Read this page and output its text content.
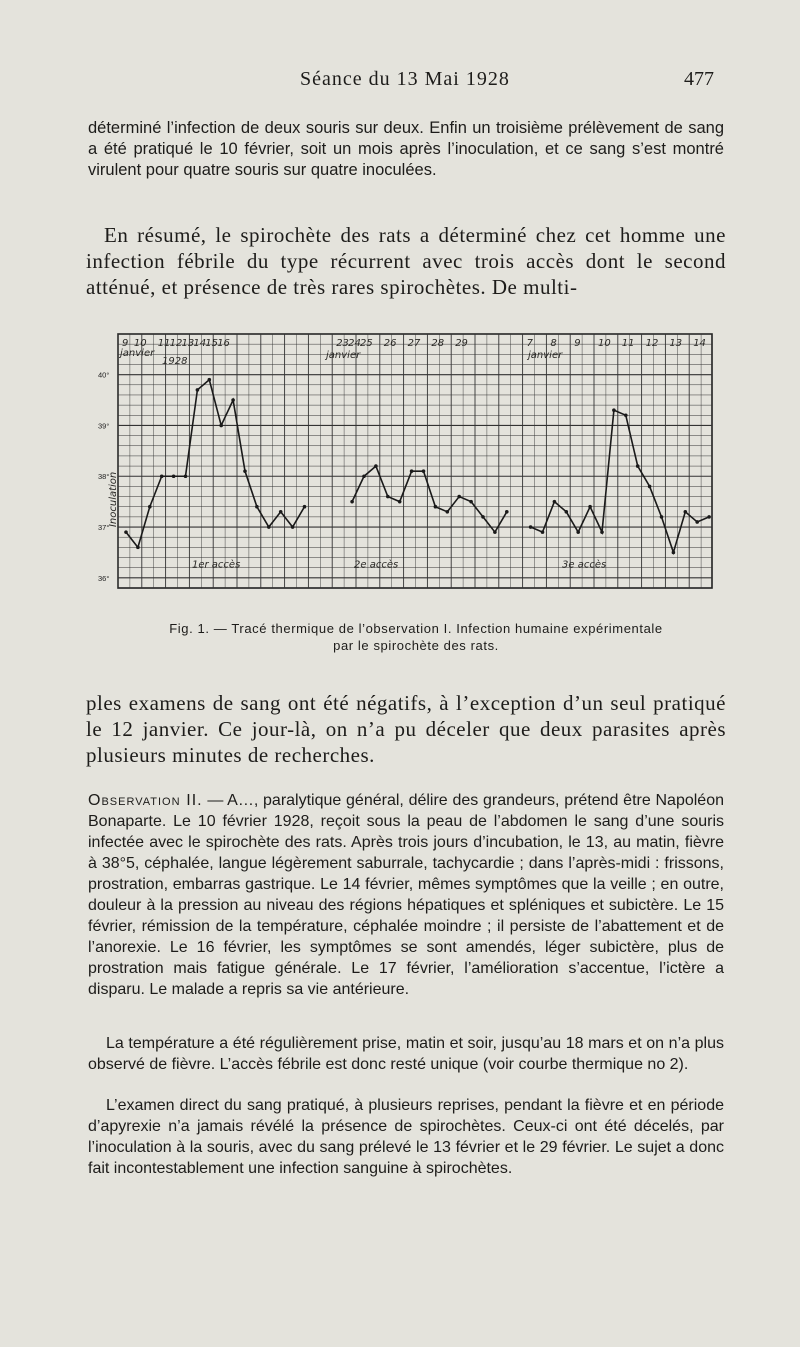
Séance du 13 Mai 1928	477

déterminé l’infection de deux souris sur deux. Enfin un troisième prélèvement de sang a été pratiqué le 10 février, soit un mois après l’inoculation, et ce sang s’est montré virulent pour quatre souris sur quatre inoculées.

En résumé, le spirochète des rats a déterminé chez cet homme une infection fébrile du type récurrent avec trois accès dont le second atténué, et présence de très rares spirochètes. De multi-

40°
39°
38°
37°
36°
9 10 11 12 13 14 15 16	23 24 25 26 27 28 29	7 8 9 10 11 12 13 14
janvier
1928
janvier	janvier
Inoculation
1er accès	2e accès	3e accès
Fig. 1. — Tracé thermique de l’observation I. Infection humaine expérimentale
par le spirochète des rats.

ples examens de sang ont été négatifs, à l’exception d’un seul pratiqué le 12 janvier. Ce jour-là, on n’a pu déceler que deux parasites après plusieurs minutes de recherches.

Observation II. — A…, paralytique général, délire des grandeurs, prétend être Napoléon Bonaparte. Le 10 février 1928, reçoit sous la peau de l’abdomen le sang d’une souris infectée avec le spirochète des rats. Après trois jours d’incubation, le 13, au matin, fièvre à 38°5, céphalée, langue légèrement saburrale, tachycardie ; dans l’après-midi : frissons, prostration, embarras gastrique. Le 14 février, mêmes symptômes que la veille ; en outre, douleur à la pression au niveau des régions hépatiques et spléniques et subictère. Le 15 février, rémission de la température, céphalée moindre ; il persiste de l’abattement et de l’anorexie. Le 16 février, les symptômes se sont amendés, léger subictère, plus de prostration mais fatigue générale. Le 17 février, l’amélioration s’accentue, l’ictère a disparu. Le malade a repris sa vie antérieure.

La température a été régulièrement prise, matin et soir, jusqu’au 18 mars et on n’a plus observé de fièvre. L’accès fébrile est donc resté unique (voir courbe thermique no 2).

L’examen direct du sang pratiqué, à plusieurs reprises, pendant la fièvre et en période d’apyrexie n’a jamais révélé la présence de spirochètes. Ceux-ci ont été décelés, par l’inoculation à la souris, avec du sang prélevé le 13 février et le 29 février. Le sujet a donc fait incontestablement une infection sanguine à spirochètes.
